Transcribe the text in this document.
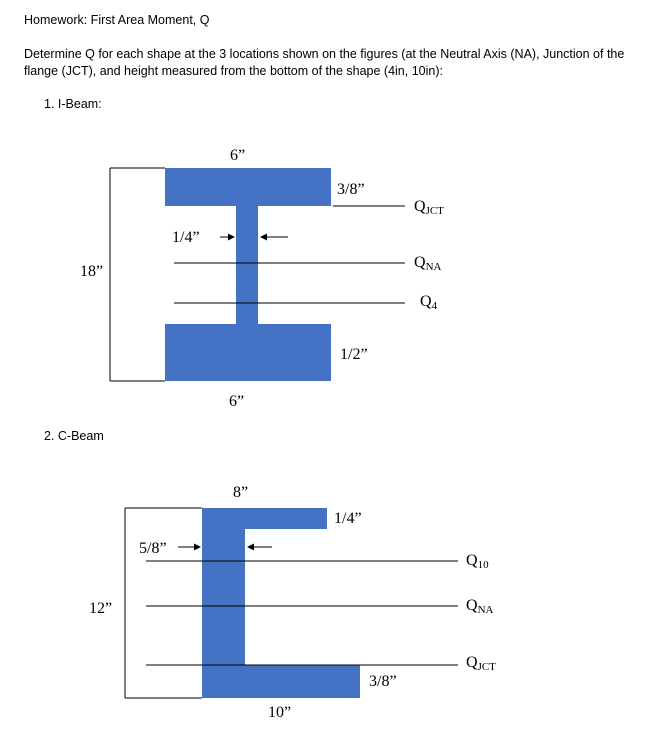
Homework: First Area Moment, Q
Determine Q for each shape at the 3 locations shown on the figures (at the Neutral Axis (NA), Junction of the flange (JCT), and height measured from the bottom of the shape (4in, 10in):
1. I-Beam:
2. C-Beam
6”
3/8”
1/4”
18”
1/2”
6”
QJCT
QNA
Q4
8”
1/4”
5/8”
12”
3/8”
10”
Q10
QNA
QJCT
